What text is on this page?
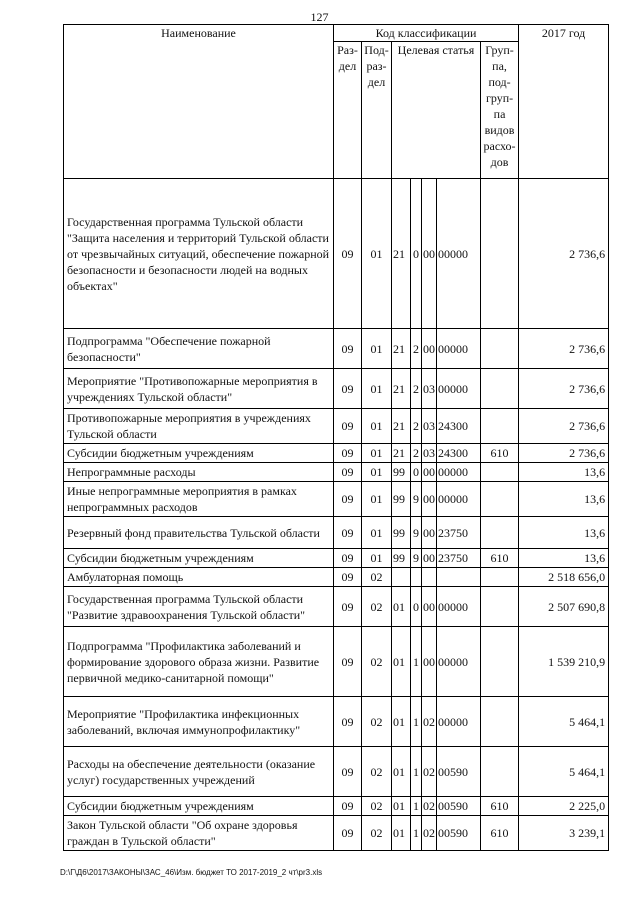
127
Наименование	Код классификации							2017 год
	Раз- дел	Под- раз- дел	Целевая статья				Груп- па, под- груп- па видов расхо- дов	
Государственная программа Тульской области "Защита населения и территорий Тульской области от чрезвычайных ситуаций, обеспечение пожарной безопасности и безопасности людей на водных объектах"	09	01	21	0	00	00000		2 736,6
Подпрограмма "Обеспечение пожарной безопасности"	09	01	21	2	00	00000		2 736,6
Мероприятие "Противопожарные мероприятия в учреждениях Тульской области"	09	01	21	2	03	00000		2 736,6
Противопожарные мероприятия в учреждениях Тульской области	09	01	21	2	03	24300		2 736,6
Субсидии бюджетным учреждениям	09	01	21	2	03	24300	610	2 736,6
Непрограммные расходы	09	01	99	0	00	00000		13,6
Иные непрограммные мероприятия в рамках непрограммных расходов	09	01	99	9	00	00000		13,6
Резервный фонд правительства Тульской области	09	01	99	9	00	23750		13,6
Субсидии бюджетным учреждениям	09	01	99	9	00	23750	610	13,6
Амбулаторная помощь	09	02						2 518 656,0
Государственная программа Тульской области "Развитие здравоохранения Тульской области"	09	02	01	0	00	00000		2 507 690,8
Подпрограмма "Профилактика заболеваний и формирование здорового образа жизни. Развитие первичной медико-санитарной помощи"	09	02	01	1	00	00000		1 539 210,9
Мероприятие "Профилактика инфекционных заболеваний, включая иммунопрофилактику"	09	02	01	1	02	00000		5 464,1
Расходы на обеспечение деятельности (оказание услуг) государственных учреждений	09	02	01	1	02	00590		5 464,1
Субсидии бюджетным учреждениям	09	02	01	1	02	00590	610	2 225,0
Закон Тульской области "Об охране здоровья граждан в Тульской области"	09	02	01	1	02	00590	610	3 239,1
D:\Г\Д6\2017\ЗАКОНЫ\ЗАС_46\Изм. бюджет ТО 2017-2019_2 чт\pr3.xls
